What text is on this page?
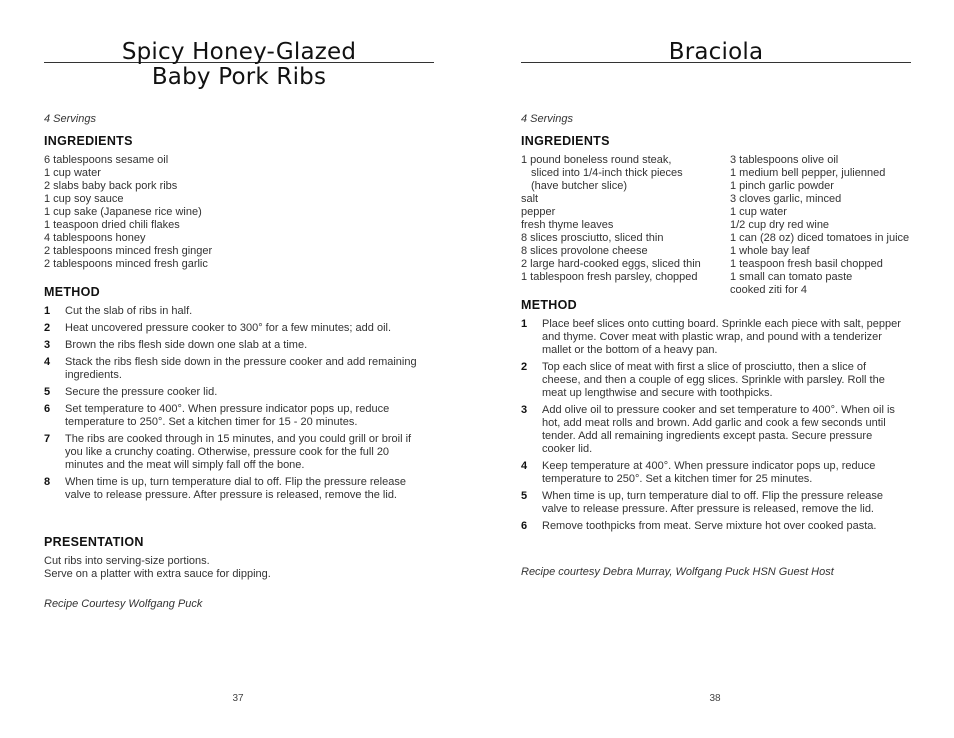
Spicy Honey-Glazed
Baby Pork Ribs
4 Servings
INGREDIENTS
6 tablespoons sesame oil
1 cup water
2 slabs baby back pork ribs
1 cup soy sauce
1 cup sake (Japanese rice wine)
1 teaspoon dried chili flakes
4 tablespoons honey
2 tablespoons minced fresh ginger
2 tablespoons minced fresh garlic
METHOD
1 Cut the slab of ribs in half.
2 Heat uncovered pressure cooker to 300° for a few minutes; add oil.
3 Brown the ribs flesh side down one slab at a time.
4 Stack the ribs flesh side down in the pressure cooker and add remaining ingredients.
5 Secure the pressure cooker lid.
6 Set temperature to 400°. When pressure indicator pops up, reduce temperature to 250°. Set a kitchen timer for 15 - 20 minutes.
7 The ribs are cooked through in 15 minutes, and you could grill or broil if you like a crunchy coating. Otherwise, pressure cook for the full 20 minutes and the meat will simply fall off the bone.
8 When time is up, turn temperature dial to off. Flip the pressure release valve to release pressure. After pressure is released, remove the lid.
PRESENTATION
Cut ribs into serving-size portions.
Serve on a platter with extra sauce for dipping.
Recipe Courtesy Wolfgang Puck
37
Braciola
4 Servings
INGREDIENTS
1 pound boneless round steak,
sliced into 1/4-inch thick pieces
(have butcher slice)
salt
pepper
fresh thyme leaves
8 slices prosciutto, sliced thin
8 slices provolone cheese
2 large hard-cooked eggs, sliced thin
1 tablespoon fresh parsley, chopped
3 tablespoons olive oil
1 medium bell pepper, julienned
1 pinch garlic powder
3 cloves garlic, minced
1 cup water
1/2 cup dry red wine
1 can (28 oz) diced tomatoes in juice
1 whole bay leaf
1 teaspoon fresh basil chopped
1 small can tomato paste
cooked ziti for 4
METHOD
1 Place beef slices onto cutting board. Sprinkle each piece with salt, pepper and thyme. Cover meat with plastic wrap, and pound with a tenderizer mallet or the bottom of a heavy pan.
2 Top each slice of meat with first a slice of prosciutto, then a slice of cheese, and then a couple of egg slices. Sprinkle with parsley. Roll the meat up lengthwise and secure with toothpicks.
3 Add olive oil to pressure cooker and set temperature to 400°. When oil is hot, add meat rolls and brown. Add garlic and cook a few seconds until tender. Add all remaining ingredients except pasta. Secure pressure cooker lid.
4 Keep temperature at 400°. When pressure indicator pops up, reduce temperature to 250°. Set a kitchen timer for 25 minutes.
5 When time is up, turn temperature dial to off. Flip the pressure release valve to release pressure. After pressure is released, remove the lid.
6 Remove toothpicks from meat. Serve mixture hot over cooked pasta.
Recipe courtesy Debra Murray, Wolfgang Puck HSN Guest Host
38
